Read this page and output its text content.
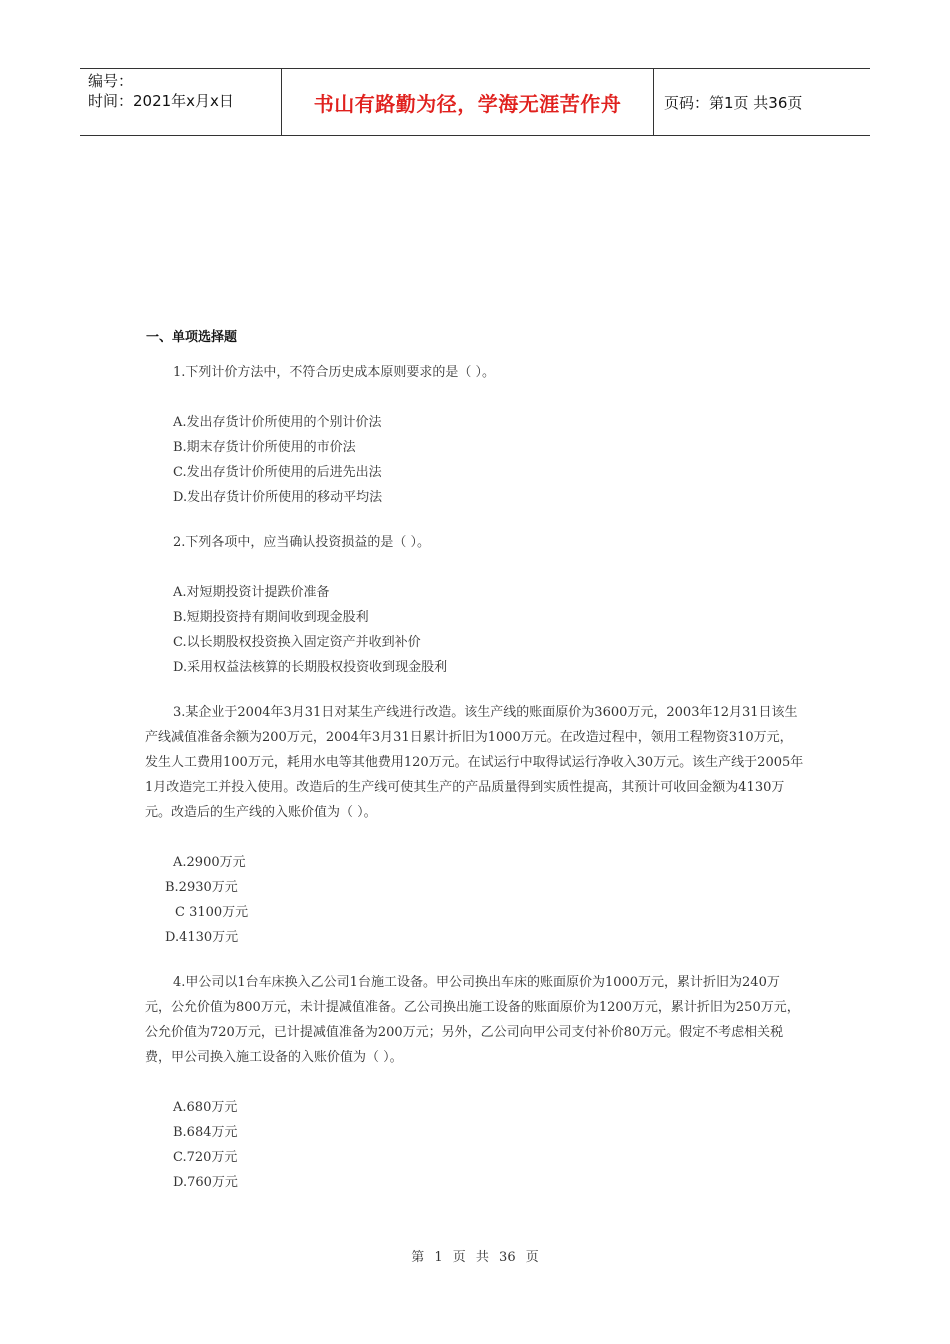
编号：
时间：2021年x月x日	书山有路勤为径，学海无涯苦作舟	页码：第1页 共36页
一、单项选择题

1.下列计价方法中，不符合历史成本原则要求的是（ ）。

A.发出存货计价所使用的个别计价法
B.期末存货计价所使用的市价法
C.发出存货计价所使用的后进先出法
D.发出存货计价所使用的移动平均法

2.下列各项中，应当确认投资损益的是（ ）。

A.对短期投资计提跌价准备
B.短期投资持有期间收到现金股利
C.以长期股权投资换入固定资产并收到补价
D.采用权益法核算的长期股权投资收到现金股利

3.某企业于2004年3月31日对某生产线进行改造。该生产线的账面原价为3600万元，2003年12月31日该生产线减值准备余额为200万元，2004年3月31日累计折旧为1000万元。在改造过程中，领用工程物资310万元，发生人工费用100万元，耗用水电等其他费用120万元。在试运行中取得试运行净收入30万元。该生产线于2005年1月改造完工并投入使用。改造后的生产线可使其生产的产品质量得到实质性提高，其预计可收回金额为4130万元。改造后的生产线的入账价值为（ ）。

A.2900万元
B.2930万元
C 3100万元
D.4130万元

4.甲公司以1台车床换入乙公司1台施工设备。甲公司换出车床的账面原价为1000万元，累计折旧为240万元，公允价值为800万元，未计提减值准备。乙公司换出施工设备的账面原价为1200万元，累计折旧为250万元，公允价值为720万元，已计提减值准备为200万元；另外，乙公司向甲公司支付补价80万元。假定不考虑相关税费，甲公司换入施工设备的入账价值为（ ）。

A.680万元
B.684万元
C.720万元
D.760万元
第 1 页 共 36 页
